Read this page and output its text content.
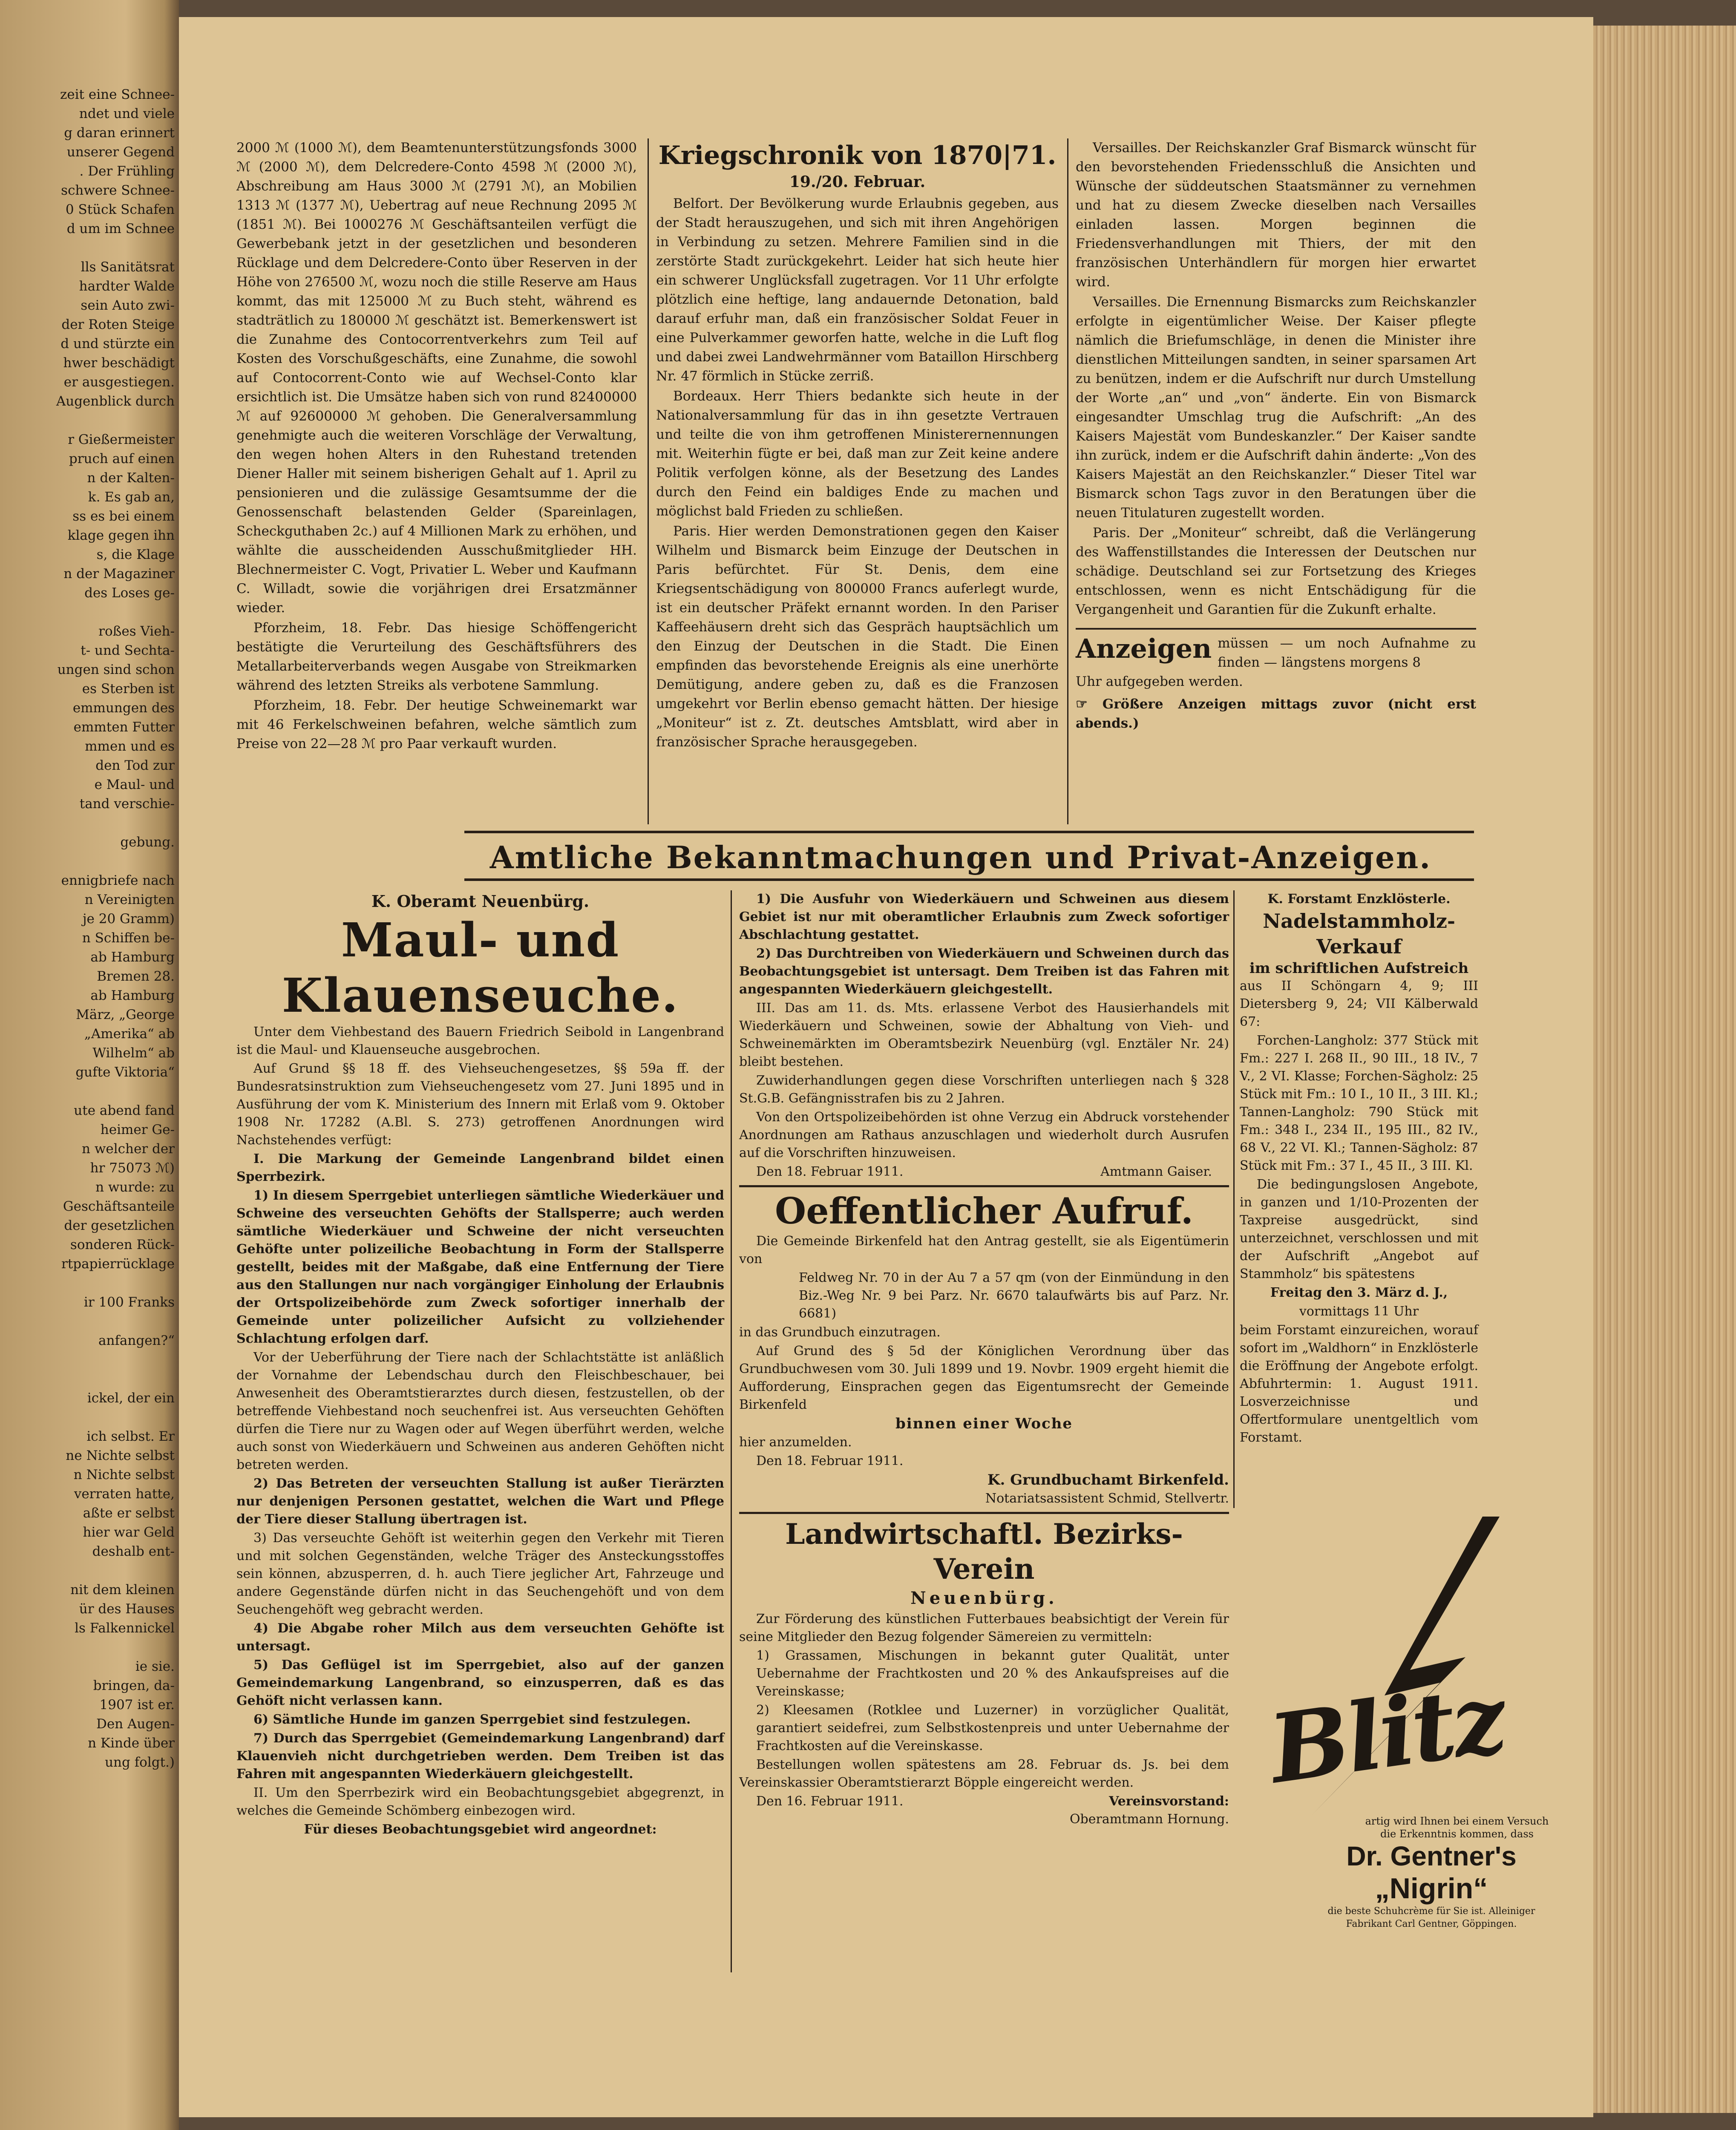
zeit eine Schnee-
ndet und viele
g daran erinnert
unserer Gegend
. Der Frühling
schwere Schnee-
0 Stück Schafen
d um im Schnee

lls Sanitätsrat
hardter Walde
sein Auto zwi-
der Roten Steige
d und stürzte ein
hwer beschädigt
er ausgestiegen.
Augenblick durch

r Gießermeister
pruch auf einen
n der Kalten-
k. Es gab an,
ss es bei einem
klage gegen ihn
s, die Klage
n der Magaziner
des Loses ge-

roßes Vieh-
t- und Sechta-
ungen sind schon
es Sterben ist
emmungen des
emmten Futter
mmen und es
den Tod zur
e Maul- und
tand verschie-

gebung.

ennigbriefe nach
n Vereinigten
je 20 Gramm)
n Schiffen be-
ab Hamburg
Bremen 28.
ab Hamburg
März, „George
„Amerika“ ab
Wilhelm“ ab
gufte Viktoria“

ute abend fand
heimer Ge-
n welcher der
hr 75073 ℳ)
n wurde: zu
Geschäftsanteile
der gesetzlichen
sonderen Rück-
rtpapierrücklage

ir 100 Franks

anfangen?“

ickel, der ein

ich selbst. Er
ne Nichte selbst
n Nichte selbst
verraten hatte,
aßte er selbst
hier war Geld
deshalb ent-

nit dem kleinen
ür des Hauses
ls Falkennickel

ie sie.
bringen, da-
1907 ist er.
Den Augen-
n Kinde über
ung folgt.)

2000 ℳ (1000 ℳ), dem Beamtenunterstützungsfonds 3000 ℳ (2000 ℳ), dem Delcredere-Conto 4598 ℳ (2000 ℳ), Abschreibung am Haus 3000 ℳ (2791 ℳ), an Mobilien 1313 ℳ (1377 ℳ), Uebertrag auf neue Rechnung 2095 ℳ (1851 ℳ). Bei 1000276 ℳ Geschäftsanteilen verfügt die Gewerbebank jetzt in der gesetzlichen und besonderen Rücklage und dem Delcredere-Conto über Reserven in der Höhe von 276500 ℳ, wozu noch die stille Reserve am Haus kommt, das mit 125000 ℳ zu Buch steht, während es stadträtlich zu 180000 ℳ geschätzt ist. Bemerkenswert ist die Zunahme des Contocorrentverkehrs zum Teil auf Kosten des Vorschußgeschäfts, eine Zunahme, die sowohl auf Contocorrent-Conto wie auf Wechsel-Conto klar ersichtlich ist. Die Umsätze haben sich von rund 82400000 ℳ auf 92600000 ℳ gehoben. Die Generalversammlung genehmigte auch die weiteren Vorschläge der Verwaltung, den wegen hohen Alters in den Ruhestand tretenden Diener Haller mit seinem bisherigen Gehalt auf 1. April zu pensionieren und die zulässige Gesamtsumme der die Genossenschaft belastenden Gelder (Spareinlagen, Scheckguthaben 2c.) auf 4 Millionen Mark zu erhöhen, und wählte die ausscheidenden Ausschußmitglieder HH. Blechnermeister C. Vogt, Privatier L. Weber und Kaufmann C. Willadt, sowie die vorjährigen drei Ersatzmänner wieder.

Pforzheim, 18. Febr. Das hiesige Schöffengericht bestätigte die Verurteilung des Geschäftsführers des Metallarbeiterverbands wegen Ausgabe von Streikmarken während des letzten Streiks als verbotene Sammlung.

Pforzheim, 18. Febr. Der heutige Schweinemarkt war mit 46 Ferkelschweinen befahren, welche sämtlich zum Preise von 22—28 ℳ pro Paar verkauft wurden.

Kriegschronik von 1870|71.
19./20. Februar.

Belfort. Der Bevölkerung wurde Erlaubnis gegeben, aus der Stadt herauszugehen, und sich mit ihren Angehörigen in Verbindung zu setzen. Mehrere Familien sind in die zerstörte Stadt zurückgekehrt. Leider hat sich heute hier ein schwerer Unglücksfall zugetragen. Vor 11 Uhr erfolgte plötzlich eine heftige, lang andauernde Detonation, bald darauf erfuhr man, daß ein französischer Soldat Feuer in eine Pulverkammer geworfen hatte, welche in die Luft flog und dabei zwei Landwehrmänner vom Bataillon Hirschberg Nr. 47 förmlich in Stücke zerriß.

Bordeaux. Herr Thiers bedankte sich heute in der Nationalversammlung für das in ihn gesetzte Vertrauen und teilte die von ihm getroffenen Ministerernennungen mit. Weiterhin fügte er bei, daß man zur Zeit keine andere Politik verfolgen könne, als der Besetzung des Landes durch den Feind ein baldiges Ende zu machen und möglichst bald Frieden zu schließen.

Paris. Hier werden Demonstrationen gegen den Kaiser Wilhelm und Bismarck beim Einzuge der Deutschen in Paris befürchtet. Für St. Denis, dem eine Kriegsentschädigung von 800000 Francs auferlegt wurde, ist ein deutscher Präfekt ernannt worden. In den Pariser Kaffeehäusern dreht sich das Gespräch hauptsächlich um den Einzug der Deutschen in die Stadt. Die Einen empfinden das bevorstehende Ereignis als eine unerhörte Demütigung, andere geben zu, daß es die Franzosen umgekehrt vor Berlin ebenso gemacht hätten. Der hiesige „Moniteur“ ist z. Zt. deutsches Amtsblatt, wird aber in französischer Sprache herausgegeben.

Versailles. Der Reichskanzler Graf Bismarck wünscht für den bevorstehenden Friedensschluß die Ansichten und Wünsche der süddeutschen Staatsmänner zu vernehmen und hat zu diesem Zwecke dieselben nach Versailles einladen lassen. Morgen beginnen die Friedensverhandlungen mit Thiers, der mit den französischen Unterhändlern für morgen hier erwartet wird.

Versailles. Die Ernennung Bismarcks zum Reichskanzler erfolgte in eigentümlicher Weise. Der Kaiser pflegte nämlich die Briefumschläge, in denen die Minister ihre dienstlichen Mitteilungen sandten, in seiner sparsamen Art zu benützen, indem er die Aufschrift nur durch Umstellung der Worte „an“ und „von“ änderte. Ein von Bismarck eingesandter Umschlag trug die Aufschrift: „An des Kaisers Majestät vom Bundeskanzler.“ Der Kaiser sandte ihn zurück, indem er die Aufschrift dahin änderte: „Von des Kaisers Majestät an den Reichskanzler.“ Dieser Titel war Bismarck schon Tags zuvor in den Beratungen über die neuen Titulaturen zugestellt worden.

Paris. Der „Moniteur“ schreibt, daß die Verlängerung des Waffenstillstandes die Interessen der Deutschen nur schädige. Deutschland sei zur Fortsetzung des Krieges entschlossen, wenn es nicht Entschädigung für die Vergangenheit und Garantien für die Zukunft erhalte.

Anzeigen müssen — um noch Aufnahme zu finden — längstens morgens 8
Uhr aufgegeben werden.
☞ Größere Anzeigen mittags zuvor (nicht erst abends.)
Amtliche Bekanntmachungen und Privat-Anzeigen.
K. Oberamt Neuenbürg.
Maul- und Klauenseuche.

Unter dem Viehbestand des Bauern Friedrich Seibold in Langenbrand ist die Maul- und Klauenseuche ausgebrochen.

Auf Grund §§ 18 ff. des Viehseuchengesetzes, §§ 59a ff. der Bundesratsinstruktion zum Viehseuchengesetz vom 27. Juni 1895 und in Ausführung der vom K. Ministerium des Innern mit Erlaß vom 9. Oktober 1908 Nr. 17282 (A.Bl. S. 273) getroffenen Anordnungen wird Nachstehendes verfügt:

I. Die Markung der Gemeinde Langenbrand bildet einen Sperrbezirk.

1) In diesem Sperrgebiet unterliegen sämtliche Wiederkäuer und Schweine des verseuchten Gehöfts der Stallsperre; auch werden sämtliche Wiederkäuer und Schweine der nicht verseuchten Gehöfte unter polizeiliche Beobachtung in Form der Stallsperre gestellt, beides mit der Maßgabe, daß eine Entfernung der Tiere aus den Stallungen nur nach vorgängiger Einholung der Erlaubnis der Ortspolizeibehörde zum Zweck sofortiger innerhalb der Gemeinde unter polizeilicher Aufsicht zu vollziehender Schlachtung erfolgen darf.

Vor der Ueberführung der Tiere nach der Schlachtstätte ist anläßlich der Vornahme der Lebendschau durch den Fleischbeschauer, bei Anwesenheit des Oberamtstierarztes durch diesen, festzustellen, ob der betreffende Viehbestand noch seuchenfrei ist. Aus verseuchten Gehöften dürfen die Tiere nur zu Wagen oder auf Wegen überführt werden, welche auch sonst von Wiederkäuern und Schweinen aus anderen Gehöften nicht betreten werden.

2) Das Betreten der verseuchten Stallung ist außer Tierärzten nur denjenigen Personen gestattet, welchen die Wart und Pflege der Tiere dieser Stallung übertragen ist.

3) Das verseuchte Gehöft ist weiterhin gegen den Verkehr mit Tieren und mit solchen Gegenständen, welche Träger des Ansteckungsstoffes sein können, abzusperren, d. h. auch Tiere jeglicher Art, Fahrzeuge und andere Gegenstände dürfen nicht in das Seuchengehöft und von dem Seuchengehöft weg gebracht werden.

4) Die Abgabe roher Milch aus dem verseuchten Gehöfte ist untersagt.

5) Das Geflügel ist im Sperrgebiet, also auf der ganzen Gemeindemarkung Langenbrand, so einzusperren, daß es das Gehöft nicht verlassen kann.

6) Sämtliche Hunde im ganzen Sperrgebiet sind festzulegen.

7) Durch das Sperrgebiet (Gemeindemarkung Langenbrand) darf Klauenvieh nicht durchgetrieben werden. Dem Treiben ist das Fahren mit angespannten Wiederkäuern gleichgestellt.

II. Um den Sperrbezirk wird ein Beobachtungsgebiet abgegrenzt, in welches die Gemeinde Schömberg einbezogen wird.

Für dieses Beobachtungsgebiet wird angeordnet:

1) Die Ausfuhr von Wiederkäuern und Schweinen aus diesem Gebiet ist nur mit oberamtlicher Erlaubnis zum Zweck sofortiger Abschlachtung gestattet.

2) Das Durchtreiben von Wiederkäuern und Schweinen durch das Beobachtungsgebiet ist untersagt. Dem Treiben ist das Fahren mit angespannten Wiederkäuern gleichgestellt.

III. Das am 11. ds. Mts. erlassene Verbot des Hausierhandels mit Wiederkäuern und Schweinen, sowie der Abhaltung von Vieh- und Schweinemärkten im Oberamtsbezirk Neuenbürg (vgl. Enztäler Nr. 24) bleibt bestehen.

Zuwiderhandlungen gegen diese Vorschriften unterliegen nach § 328 St.G.B. Gefängnisstrafen bis zu 2 Jahren.

Von den Ortspolizeibehörden ist ohne Verzug ein Abdruck vorstehender Anordnungen am Rathaus anzuschlagen und wiederholt durch Ausrufen auf die Vorschriften hinzuweisen.

Den 18. Februar 1911.	Amtmann Gaiser.
Oeffentlicher Aufruf.

Die Gemeinde Birkenfeld hat den Antrag gestellt, sie als Eigentümerin von

Feldweg Nr. 70 in der Au 7 a 57 qm (von der Einmündung in den Biz.-Weg Nr. 9 bei Parz. Nr. 6670 talaufwärts bis auf Parz. Nr. 6681)

in das Grundbuch einzutragen.

Auf Grund des § 5d der Königlichen Verordnung über das Grundbuchwesen vom 30. Juli 1899 und 19. Novbr. 1909 ergeht hiemit die Aufforderung, Einsprachen gegen das Eigentumsrecht der Gemeinde Birkenfeld

binnen einer Woche

hier anzumelden.

Den 18. Februar 1911.

K. Grundbuchamt Birkenfeld.

Notariatsassistent Schmid, Stellvertr.

Landwirtschaftl. Bezirks-Verein
Neuenbürg.

Zur Förderung des künstlichen Futterbaues beabsichtigt der Verein für seine Mitglieder den Bezug folgender Sämereien zu vermitteln:

1) Grassamen, Mischungen in bekannt guter Qualität, unter Uebernahme der Frachtkosten und 20 % des Ankaufspreises auf die Vereinskasse;

2) Kleesamen (Rotklee und Luzerner) in vorzüglicher Qualität, garantiert seidefrei, zum Selbstkostenpreis und unter Uebernahme der Frachtkosten auf die Vereinskasse.

Bestellungen wollen spätestens am 28. Februar ds. Js. bei dem Vereinskassier Oberamtstierarzt Böpple eingereicht werden.

Den 16. Februar 1911.	Vereinsvorstand:

Oberamtmann Hornung.

K. Forstamt Enzklösterle.
Nadelstammholz-Verkauf
im schriftlichen Aufstreich

aus II Schöngarn 4, 9; III Dietersberg 9, 24; VII Kälberwald 67:

Forchen-Langholz: 377 Stück mit Fm.: 227 I. 268 II., 90 III., 18 IV., 7 V., 2 VI. Klasse; Forchen-Sägholz: 25 Stück mit Fm.: 10 I., 10 II., 3 III. Kl.; Tannen-Langholz: 790 Stück mit Fm.: 348 I., 234 II., 195 III., 82 IV., 68 V., 22 VI. Kl.; Tannen-Sägholz: 87 Stück mit Fm.: 37 I., 45 II., 3 III. Kl.

Die bedingungslosen Angebote, in ganzen und 1/10-Prozenten der Taxpreise ausgedrückt, sind unterzeichnet, verschlossen und mit der Aufschrift „Angebot auf Stammholz“ bis spätestens

Freitag den 3. März d. J.,

vormittags 11 Uhr

beim Forstamt einzureichen, worauf sofort im „Waldhorn“ in Enzklösterle die Eröffnung der Angebote erfolgt. Abfuhrtermin: 1. August 1911. Losverzeichnisse und Offertformulare unentgeltlich vom Forstamt.

Blitz
artig wird Ihnen bei einem Versuch die Erkenntnis kommen, dass
Dr. Gentner's
„Nigrin“
die beste Schuhcrème für Sie ist. Alleiniger Fabrikant Carl Gentner, Göppingen.
